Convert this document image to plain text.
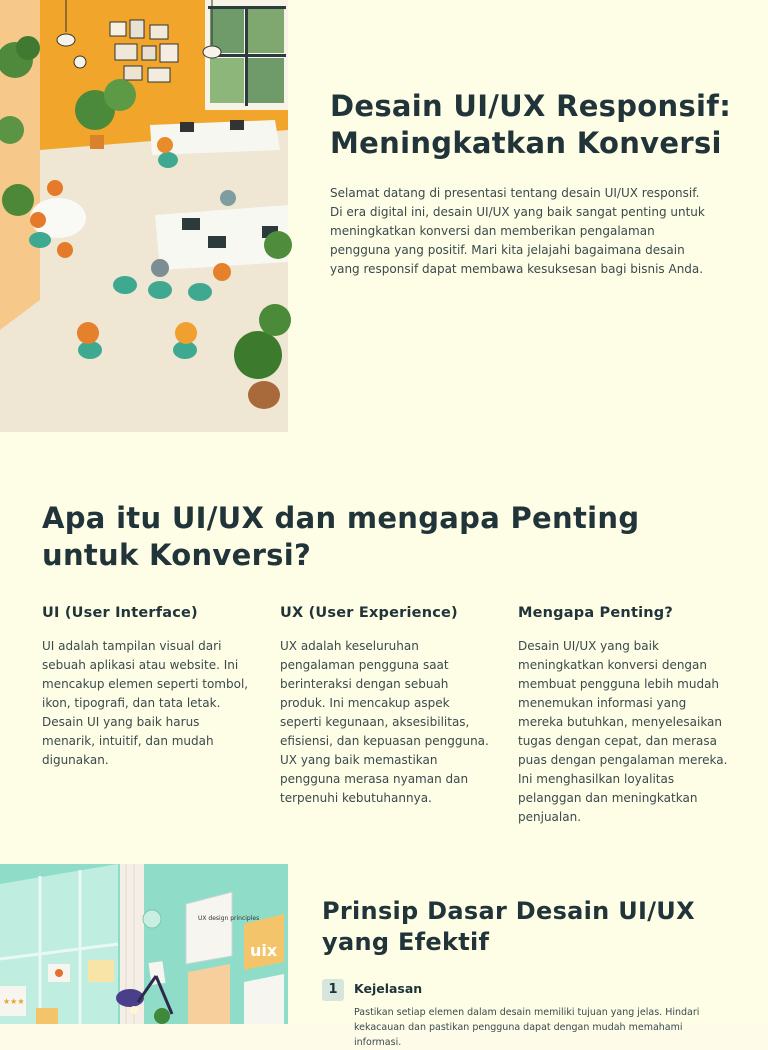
Desain UI/UX Responsif: Meningkatkan Konversi

Selamat datang di presentasi tentang desain UI/UX responsif. Di era digital ini, desain UI/UX yang baik sangat penting untuk meningkatkan konversi dan memberikan pengalaman pengguna yang positif. Mari kita jelajahi bagaimana desain yang responsif dapat membawa kesuksesan bagi bisnis Anda.

Apa itu UI/UX dan mengapa Penting untuk Konversi?
UI (User Interface)

UI adalah tampilan visual dari sebuah aplikasi atau website. Ini mencakup elemen seperti tombol, ikon, tipografi, dan tata letak. Desain UI yang baik harus menarik, intuitif, dan mudah digunakan.

UX (User Experience)

UX adalah keseluruhan pengalaman pengguna saat berinteraksi dengan sebuah produk. Ini mencakup aspek seperti kegunaan, aksesibilitas, efisiensi, dan kepuasan pengguna. UX yang baik memastikan pengguna merasa nyaman dan terpenuhi kebutuhannya.

Mengapa Penting?

Desain UI/UX yang baik meningkatkan konversi dengan membuat pengguna lebih mudah menemukan informasi yang mereka butuhkan, menyelesaikan tugas dengan cepat, dan merasa puas dengan pengalaman mereka. Ini menghasilkan loyalitas pelanggan dan meningkatkan penjualan.

UX design principles
uix
★★★
Prinsip Dasar Desain UI/UX yang Efektif
1	Kejelasan

Pastikan setiap elemen dalam desain memiliki tujuan yang jelas. Hindari kekacauan dan pastikan pengguna dapat dengan mudah memahami informasi.
